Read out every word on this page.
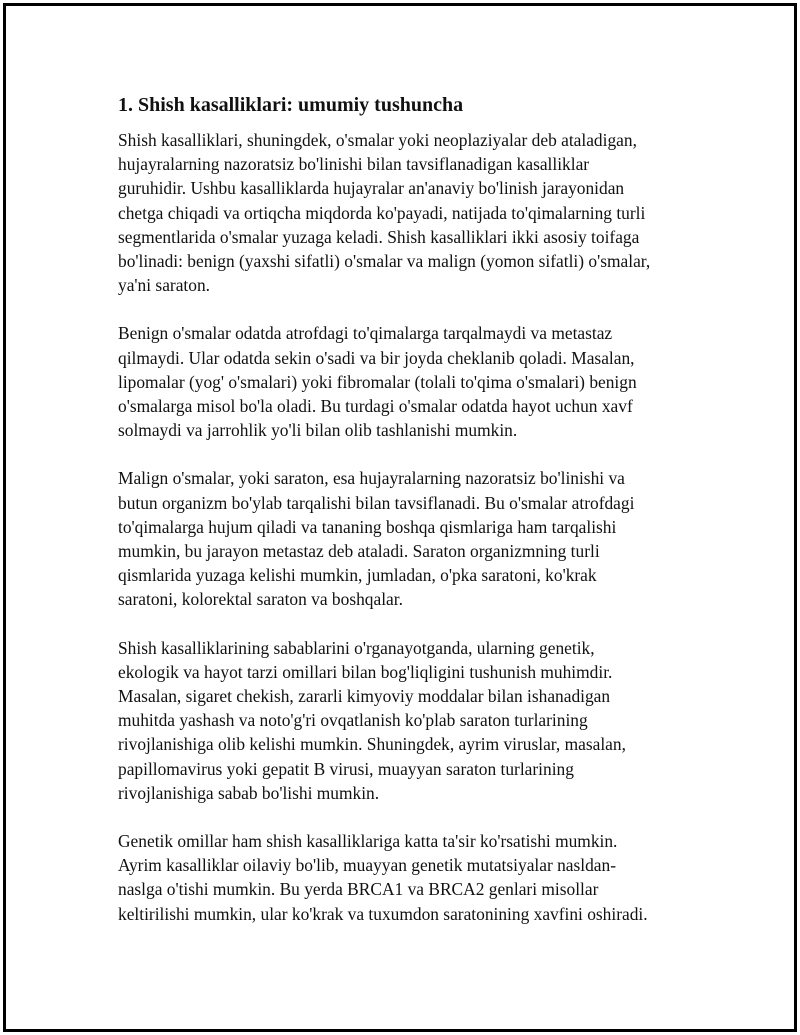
1. Shish kasalliklari: umumiy tushuncha

Shish kasalliklari, shuningdek, o'smalar yoki neoplaziyalar deb ataladigan,
hujayralarning nazoratsiz bo'linishi bilan tavsiflanadigan kasalliklar
guruhidir. Ushbu kasalliklarda hujayralar an'anaviy bo'linish jarayonidan
chetga chiqadi va ortiqcha miqdorda ko'payadi, natijada to'qimalarning turli
segmentlarida o'smalar yuzaga keladi. Shish kasalliklari ikki asosiy toifaga
bo'linadi: benign (yaxshi sifatli) o'smalar va malign (yomon sifatli) o'smalar,
ya'ni saraton.

Benign o'smalar odatda atrofdagi to'qimalarga tarqalmaydi va metastaz
qilmaydi. Ular odatda sekin o'sadi va bir joyda cheklanib qoladi. Masalan,
lipomalar (yog' o'smalari) yoki fibromalar (tolali to'qima o'smalari) benign
o'smalarga misol bo'la oladi. Bu turdagi o'smalar odatda hayot uchun xavf
solmaydi va jarrohlik yo'li bilan olib tashlanishi mumkin.

Malign o'smalar, yoki saraton, esa hujayralarning nazoratsiz bo'linishi va
butun organizm bo'ylab tarqalishi bilan tavsiflanadi. Bu o'smalar atrofdagi
to'qimalarga hujum qiladi va tananing boshqa qismlariga ham tarqalishi
mumkin, bu jarayon metastaz deb ataladi. Saraton organizmning turli
qismlarida yuzaga kelishi mumkin, jumladan, o'pka saratoni, ko'krak
saratoni, kolorektal saraton va boshqalar.

Shish kasalliklarining sabablarini o'rganayotganda, ularning genetik,
ekologik va hayot tarzi omillari bilan bog'liqligini tushunish muhimdir.
Masalan, sigaret chekish, zararli kimyoviy moddalar bilan ishanadigan
muhitda yashash va noto'g'ri ovqatlanish ko'plab saraton turlarining
rivojlanishiga olib kelishi mumkin. Shuningdek, ayrim viruslar, masalan,
papillomavirus yoki gepatit B virusi, muayyan saraton turlarining
rivojlanishiga sabab bo'lishi mumkin.

Genetik omillar ham shish kasalliklariga katta ta'sir ko'rsatishi mumkin.
Ayrim kasalliklar oilaviy bo'lib, muayyan genetik mutatsiyalar nasldan-
naslga o'tishi mumkin. Bu yerda BRCA1 va BRCA2 genlari misollar
keltirilishi mumkin, ular ko'krak va tuxumdon saratonining xavfini oshiradi.
